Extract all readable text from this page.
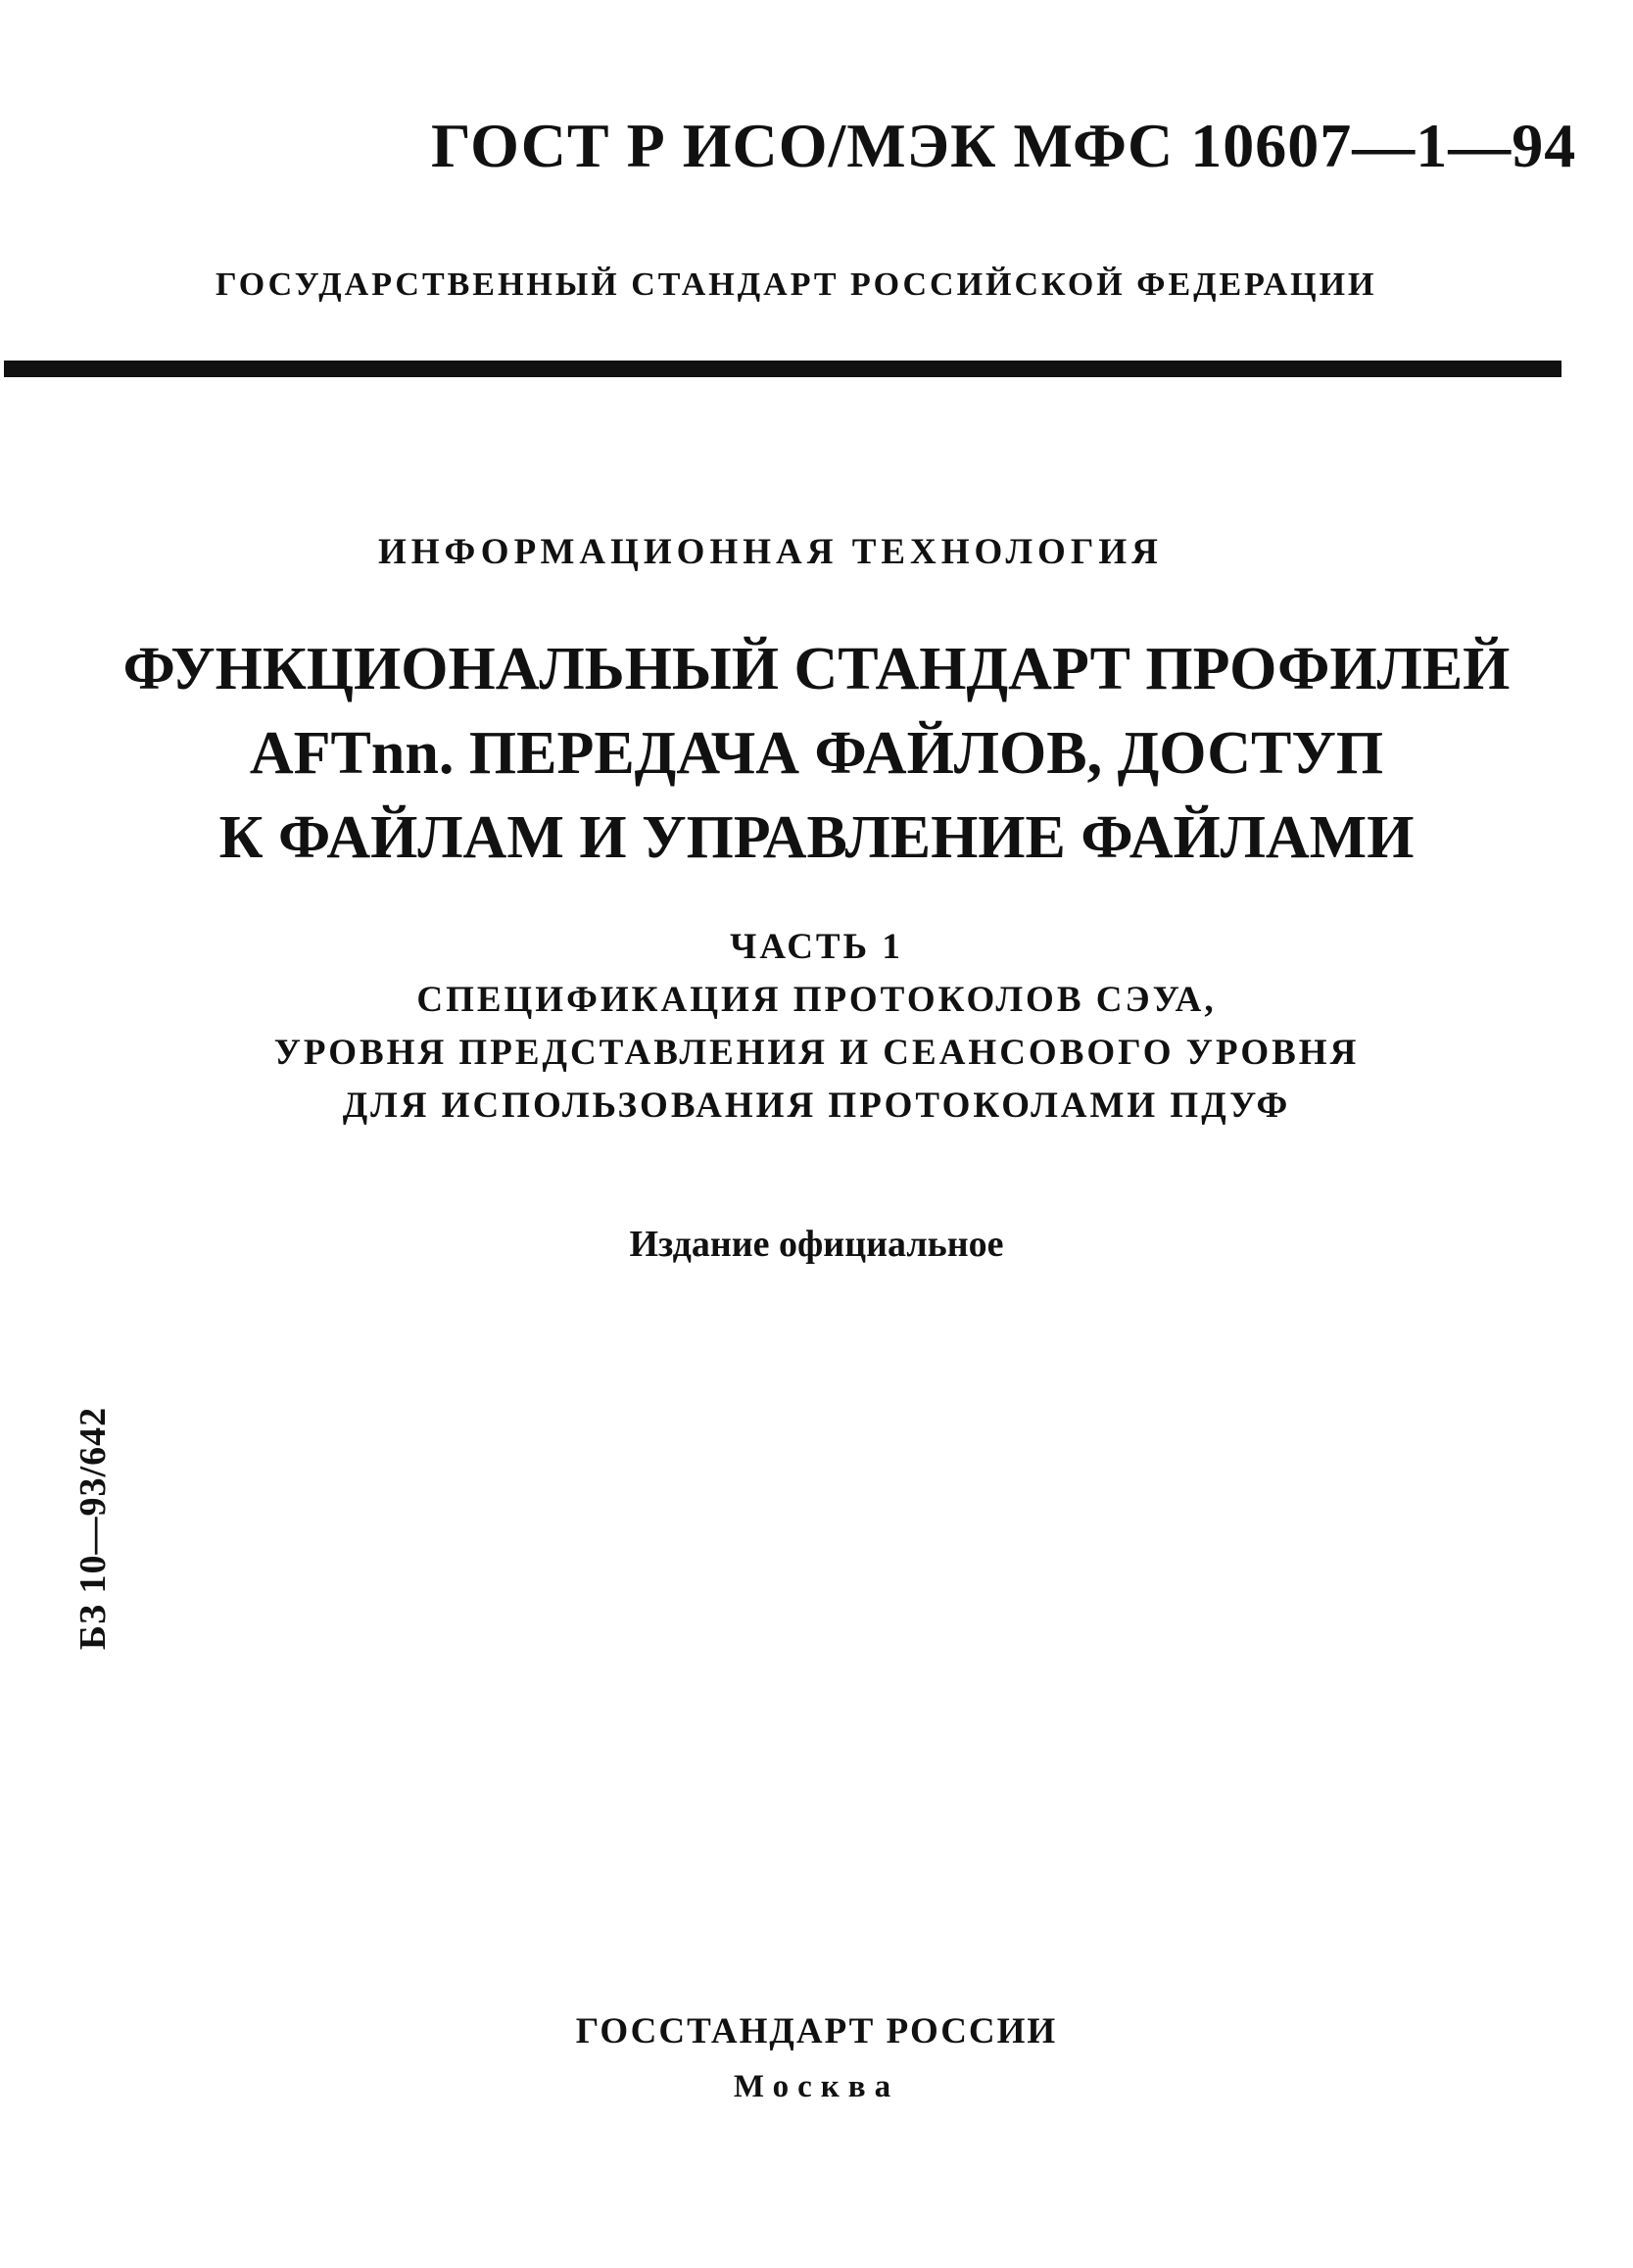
ГОСТ Р ИСО/МЭК МФС 10607—1—94
ГОСУДАРСТВЕННЫЙ СТАНДАРТ РОССИЙСКОЙ ФЕДЕРАЦИИ
ИНФОРМАЦИОННАЯ ТЕХНОЛОГИЯ
ФУНКЦИОНАЛЬНЫЙ СТАНДАРТ ПРОФИЛЕЙ
AFTnn. ПЕРЕДАЧА ФАЙЛОВ, ДОСТУП
К ФАЙЛАМ И УПРАВЛЕНИЕ ФАЙЛАМИ
ЧАСТЬ 1
СПЕЦИФИКАЦИЯ ПРОТОКОЛОВ СЭУА,
УРОВНЯ ПРЕДСТАВЛЕНИЯ И СЕАНСОВОГО УРОВНЯ
ДЛЯ ИСПОЛЬЗОВАНИЯ ПРОТОКОЛАМИ ПДУФ
Издание официальное
БЗ 10—93/642
ГОССТАНДАРТ РОССИИ
Москва
